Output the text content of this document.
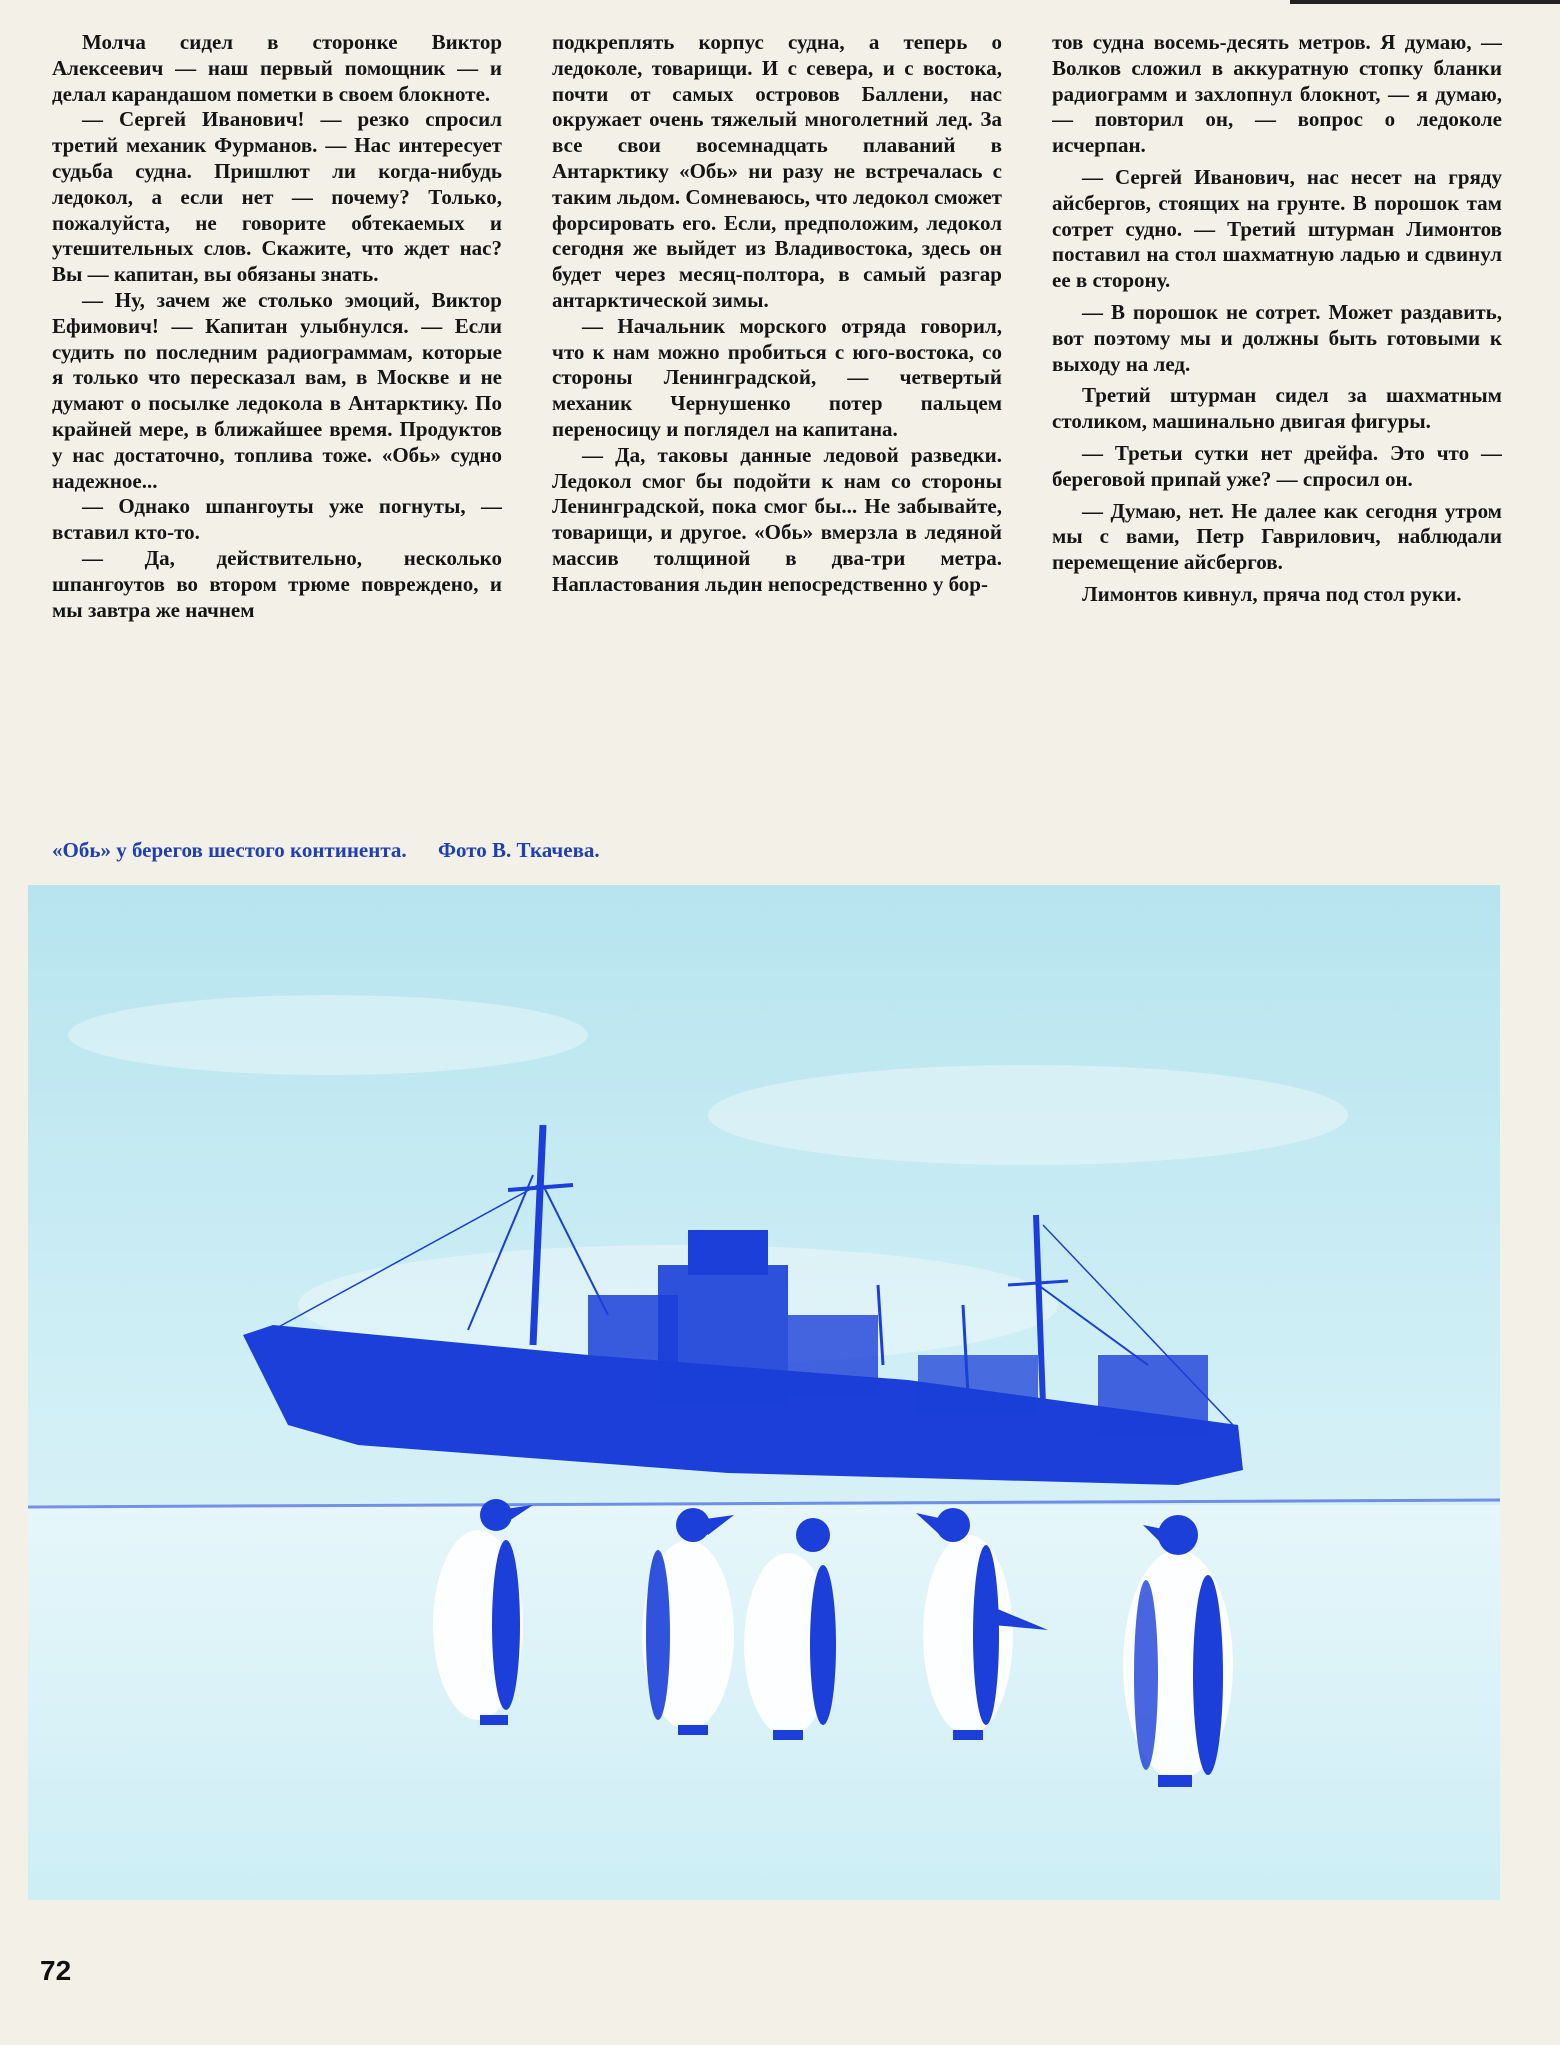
Молча сидел в сторонке Виктор Алексеевич — наш первый помощник — и делал карандашом пометки в своем блокноте.

— Сергей Иванович! — резко спросил третий механик Фурманов. — Нас интересует судьба судна. Пришлют ли когда-нибудь ледокол, а если нет — почему? Только, пожалуйста, не говорите обтекаемых и утешительных слов. Скажите, что ждет нас? Вы — капитан, вы обязаны знать.

— Ну, зачем же столько эмоций, Виктор Ефимович! — Капитан улыбнулся. — Если судить по последним радиограммам, которые я только что пересказал вам, в Москве и не думают о посылке ледокола в Антарктику. По крайней мере, в ближайшее время. Продуктов у нас достаточно, топлива тоже. «Обь» судно надежное...

— Однако шпангоуты уже погнуты, — вставил кто-то.

— Да, действительно, несколько шпангоутов во втором трюме повреждено, и мы завтра же начнем

подкреплять корпус судна, а теперь о ледоколе, товарищи. И с севера, и с востока, почти от самых островов Баллени, нас окружает очень тяжелый многолетний лед. За все свои восемнадцать плаваний в Антарктику «Обь» ни разу не встречалась с таким льдом. Сомневаюсь, что ледокол сможет форсировать его. Если, предположим, ледокол сегодня же выйдет из Владивостока, здесь он будет через месяц-полтора, в самый разгар антарктической зимы.

— Начальник морского отряда говорил, что к нам можно пробиться с юго-востока, со стороны Ленинградской, — четвертый механик Чернушенко потер пальцем переносицу и поглядел на капитана.

— Да, таковы данные ледовой разведки. Ледокол смог бы подойти к нам со стороны Ленинградской, пока смог бы... Не забывайте, товарищи, и другое. «Обь» вмерзла в ледяной массив толщиной в два-три метра. Напластования льдин непосредственно у бор-

тов судна восемь-десять метров. Я думаю, — Волков сложил в аккуратную стопку бланки радиограмм и захлопнул блокнот, — я думаю, — повторил он, — вопрос о ледоколе исчерпан.

— Сергей Иванович, нас несет на гряду айсбергов, стоящих на грунте. В порошок там сотрет судно. — Третий штурман Лимонтов поставил на стол шахматную ладью и сдвинул ее в сторону.

— В порошок не сотрет. Может раздавить, вот поэтому мы и должны быть готовыми к выходу на лед.

Третий штурман сидел за шахматным столиком, машинально двигая фигуры.

— Третьи сутки нет дрейфа. Это что — береговой припай уже? — спросил он.

— Думаю, нет. Не далее как сегодня утром мы с вами, Петр Гаврилович, наблюдали перемещение айсбергов.

Лимонтов кивнул, пряча под стол руки.

«Обь» у берегов шестого континента. Фото В. Ткачева.
72
